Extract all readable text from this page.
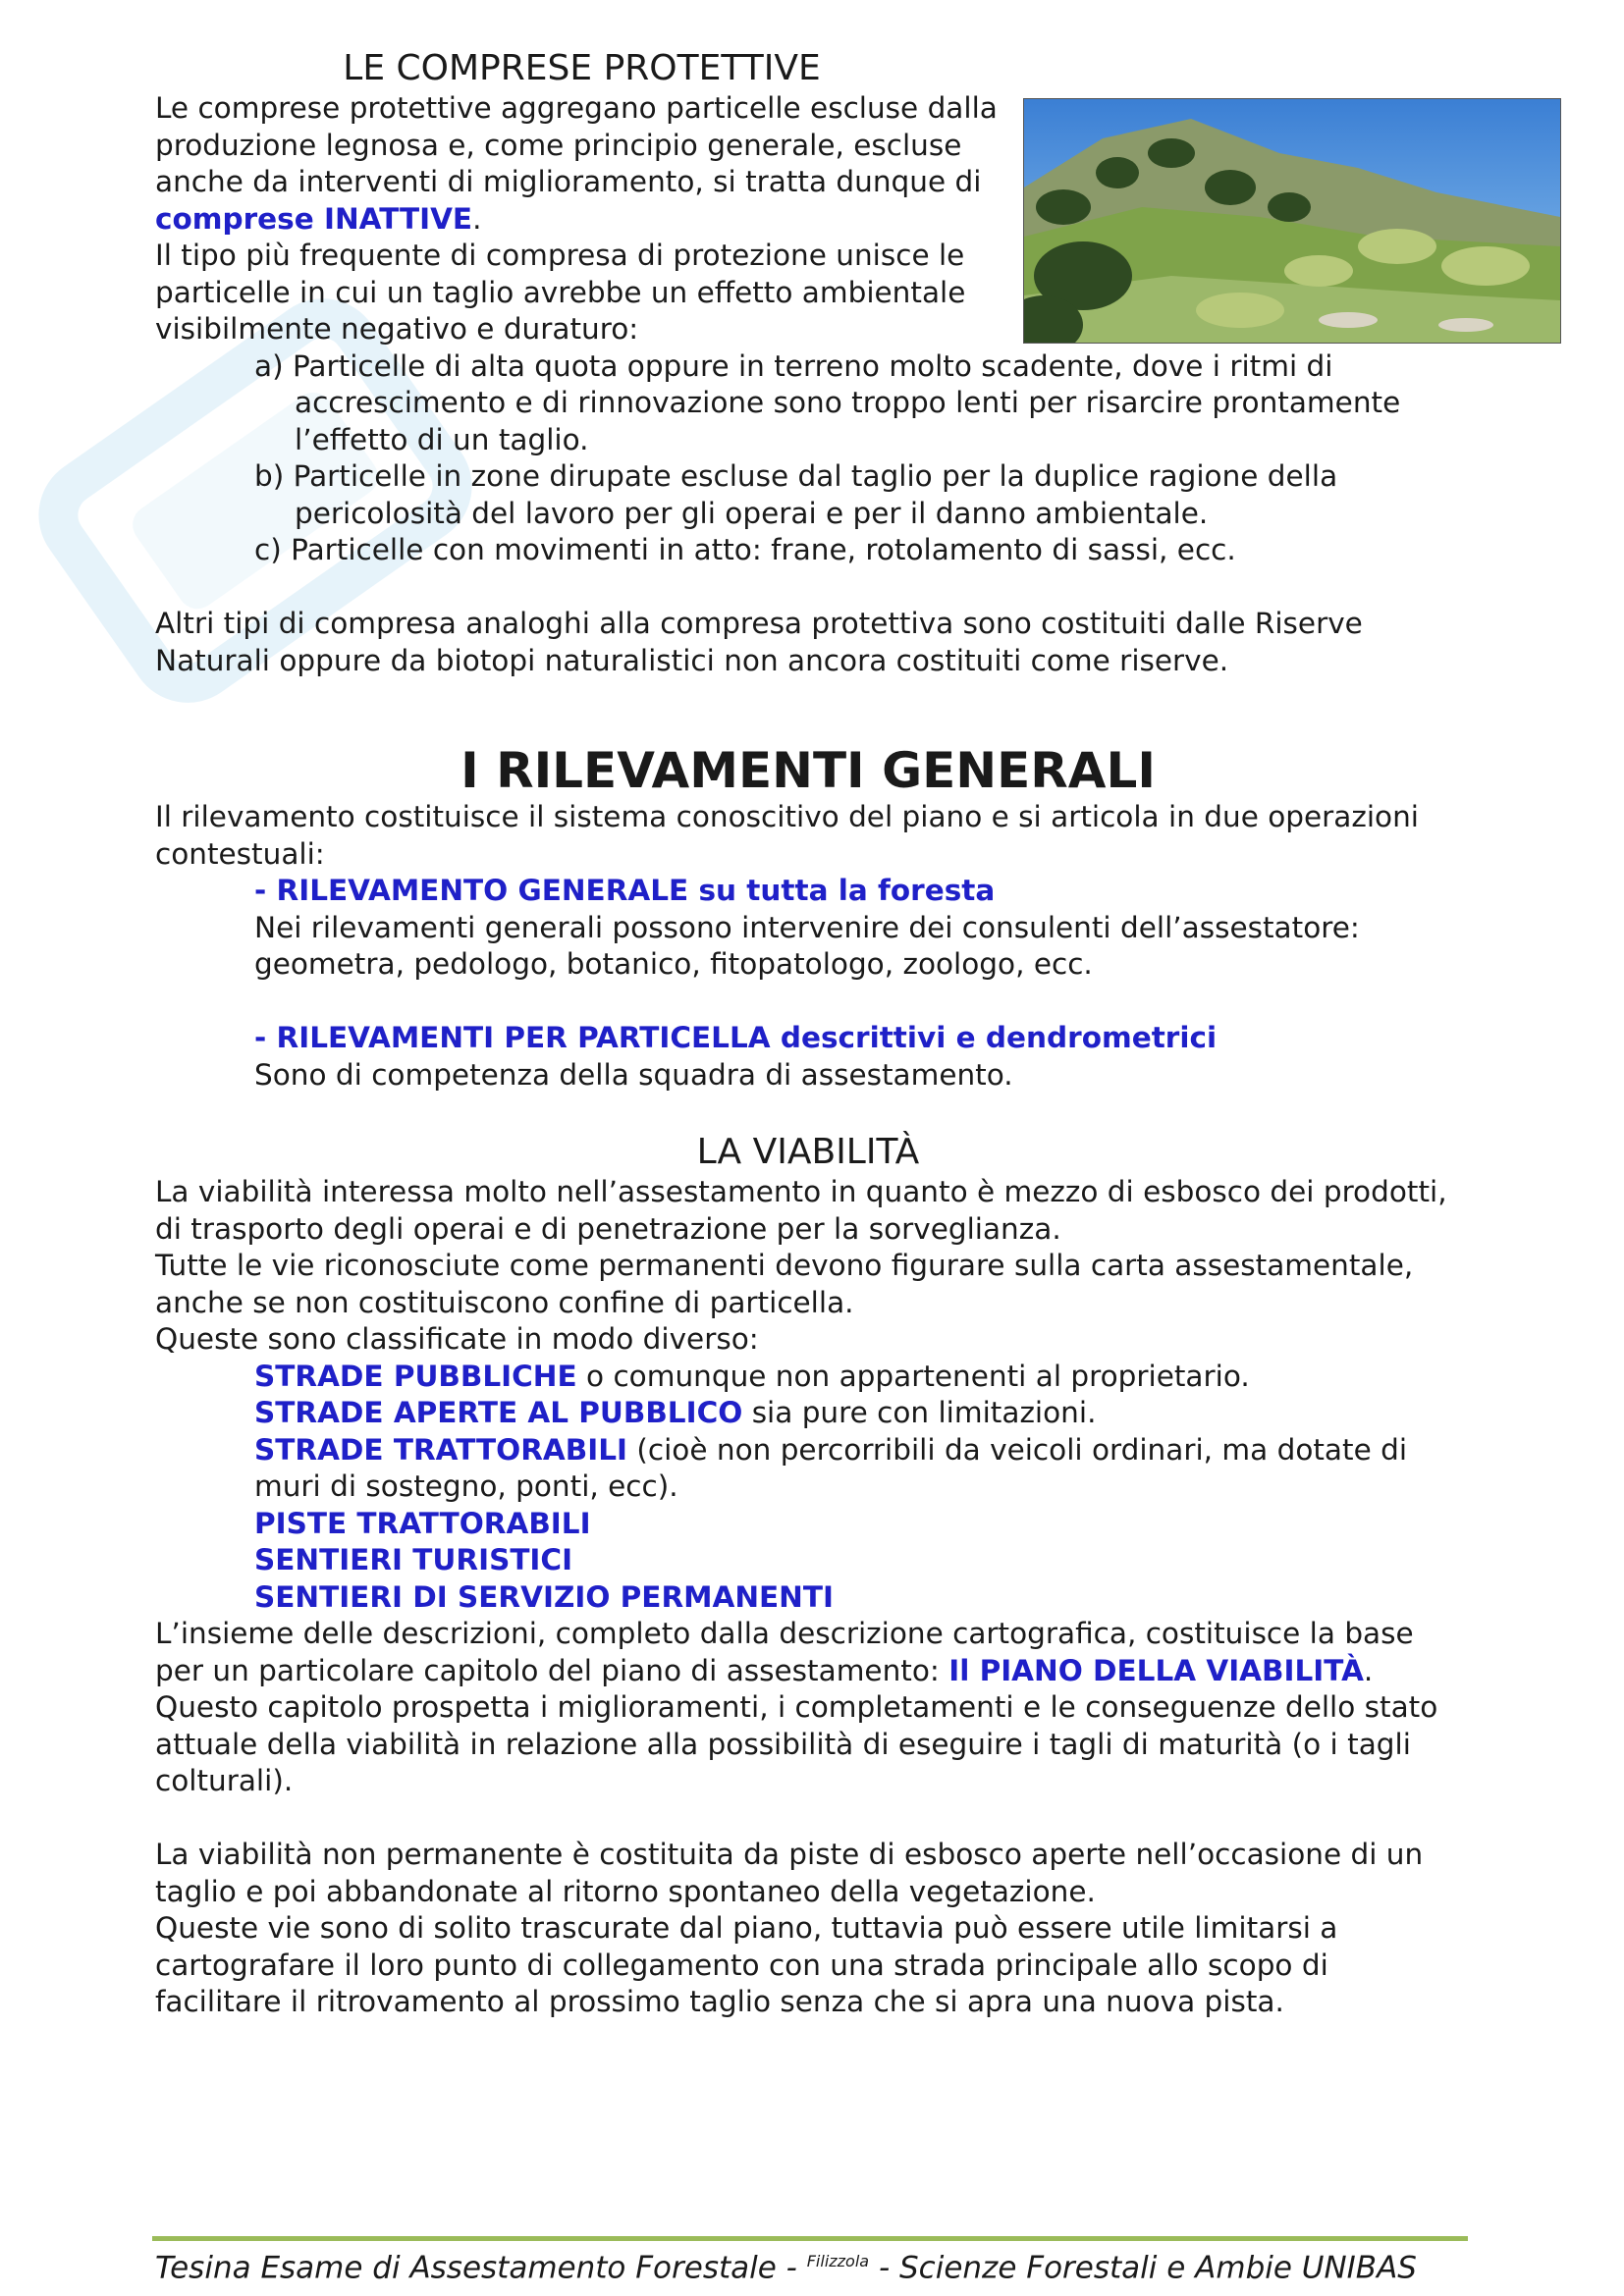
LE COMPRESE PROTETTIVE

Le comprese protettive aggregano particelle escluse dalla produzione legnosa e, come principio generale, escluse anche da interventi di miglioramento, si tratta dunque di comprese INATTIVE.

Il tipo più frequente di compresa di protezione unisce le particelle in cui un taglio avrebbe un effetto ambientale visibilmente negativo e duraturo:

a) Particelle di alta quota oppure in terreno molto scadente, dove i ritmi di accrescimento e di rinnovazione sono troppo lenti per risarcire prontamente l’effetto di un taglio.

b) Particelle in zone dirupate escluse dal taglio per la duplice ragione della pericolosità del lavoro per gli operai e per il danno ambientale.

c) Particelle con movimenti in atto: frane, rotolamento di sassi, ecc.

Altri tipi di compresa analoghi alla compresa protettiva sono costituiti dalle Riserve Naturali oppure da biotopi naturalistici non ancora costituiti come riserve.

I RILEVAMENTI GENERALI

Il rilevamento costituisce il sistema conoscitivo del piano e si articola in due operazioni contestuali:

- RILEVAMENTO GENERALE su tutta la foresta

Nei rilevamenti generali possono intervenire dei consulenti dell’assestatore: geometra, pedologo, botanico, fitopatologo, zoologo, ecc.

- RILEVAMENTI PER PARTICELLA descrittivi e dendrometrici

Sono di competenza della squadra di assestamento.

LA VIABILITÀ

La viabilità interessa molto nell’assestamento in quanto è mezzo di esbosco dei prodotti, di trasporto degli operai e di penetrazione per la sorveglianza.

Tutte le vie riconosciute come permanenti devono figurare sulla carta assestamentale, anche se non costituiscono confine di particella.

Queste sono classificate in modo diverso:

STRADE PUBBLICHE o comunque non appartenenti al proprietario.

STRADE APERTE AL PUBBLICO sia pure con limitazioni.

STRADE TRATTORABILI (cioè non percorribili da veicoli ordinari, ma dotate di muri di sostegno, ponti, ecc).

PISTE TRATTORABILI

SENTIERI TURISTICI

SENTIERI DI SERVIZIO PERMANENTI

L’insieme delle descrizioni, completo dalla descrizione cartografica, costituisce la base per un particolare capitolo del piano di assestamento: Il PIANO DELLA VIABILITÀ.

Questo capitolo prospetta i miglioramenti, i completamenti e le conseguenze dello stato attuale della viabilità in relazione alla possibilità di eseguire i tagli di maturità (o i tagli colturali).

La viabilità non permanente è costituita da piste di esbosco aperte nell’occasione di un taglio e poi abbandonate al ritorno spontaneo della vegetazione.

Queste vie sono di solito trascurate dal piano, tuttavia può essere utile limitarsi a cartografare il loro punto di collegamento con una strada principale allo scopo di facilitare il ritrovamento al prossimo taglio senza che si apra una nuova pista.

Tesina Esame di Assestamento Forestale - $^{Filizzola}$ - Scienze Forestali e Ambie UNIBAS
